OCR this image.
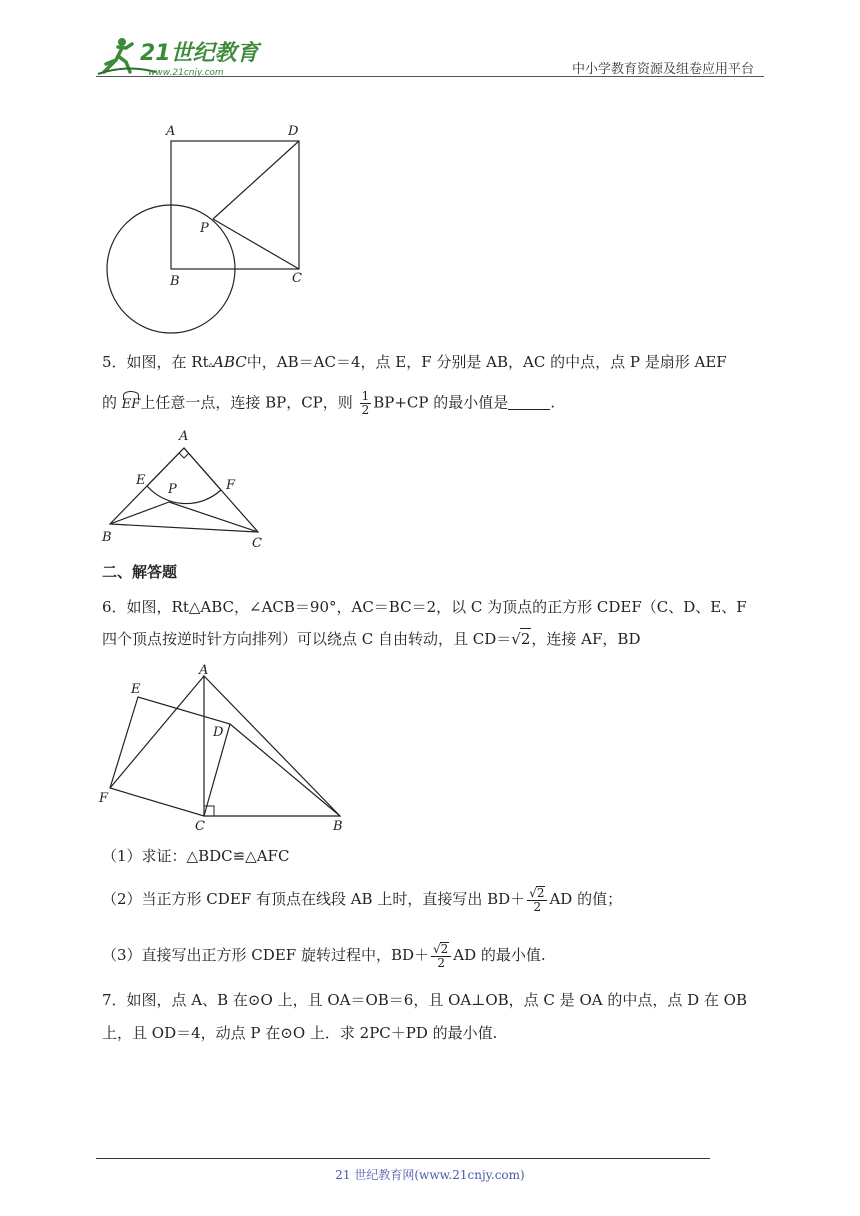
21世纪教育
www.21cnjy.com	中小学教育资源及组卷应用平台
A	D
P
B	C
5．如图，在 Rt▵ABC中，AB＝AC＝4，点 E，F 分别是 AB，AC 的中点，点 P 是扇形 AEF
的 EF上任意一点，连接 BP，CP，则 $\frac{1}{2} BP+CP$ 的最小值是	.
A
E
P	F
B	C
二、解答题
6．如图，Rt△ABC，∠ACB＝90°，AC＝BC＝2，以 C 为顶点的正方形 CDEF（C、D、E、F
四个顶点按逆时针方向排列）可以绕点 C 自由转动，且 CD＝√2，连接 AF，BD
A
E
D
F
C	B
（1）求证：△BDC≌△AFC
（2）当正方形 CDEF 有顶点在线段 AB 上时，直接写出 $BD+ \frac{√2}{2}$ AD 的值；
（3）直接写出正方形 CDEF 旋转过程中，$BD+ \frac{√2}{2}$ AD 的最小值.
7．如图，点 A、B 在⊙O 上，且 OA＝OB＝6，且 OA⊥OB，点 C 是 OA 的中点，点 D 在 OB
上，且 OD＝4，动点 P 在⊙O 上．求 2PC＋PD 的最小值.
21 世纪教育网(www.21cnjy.com)
